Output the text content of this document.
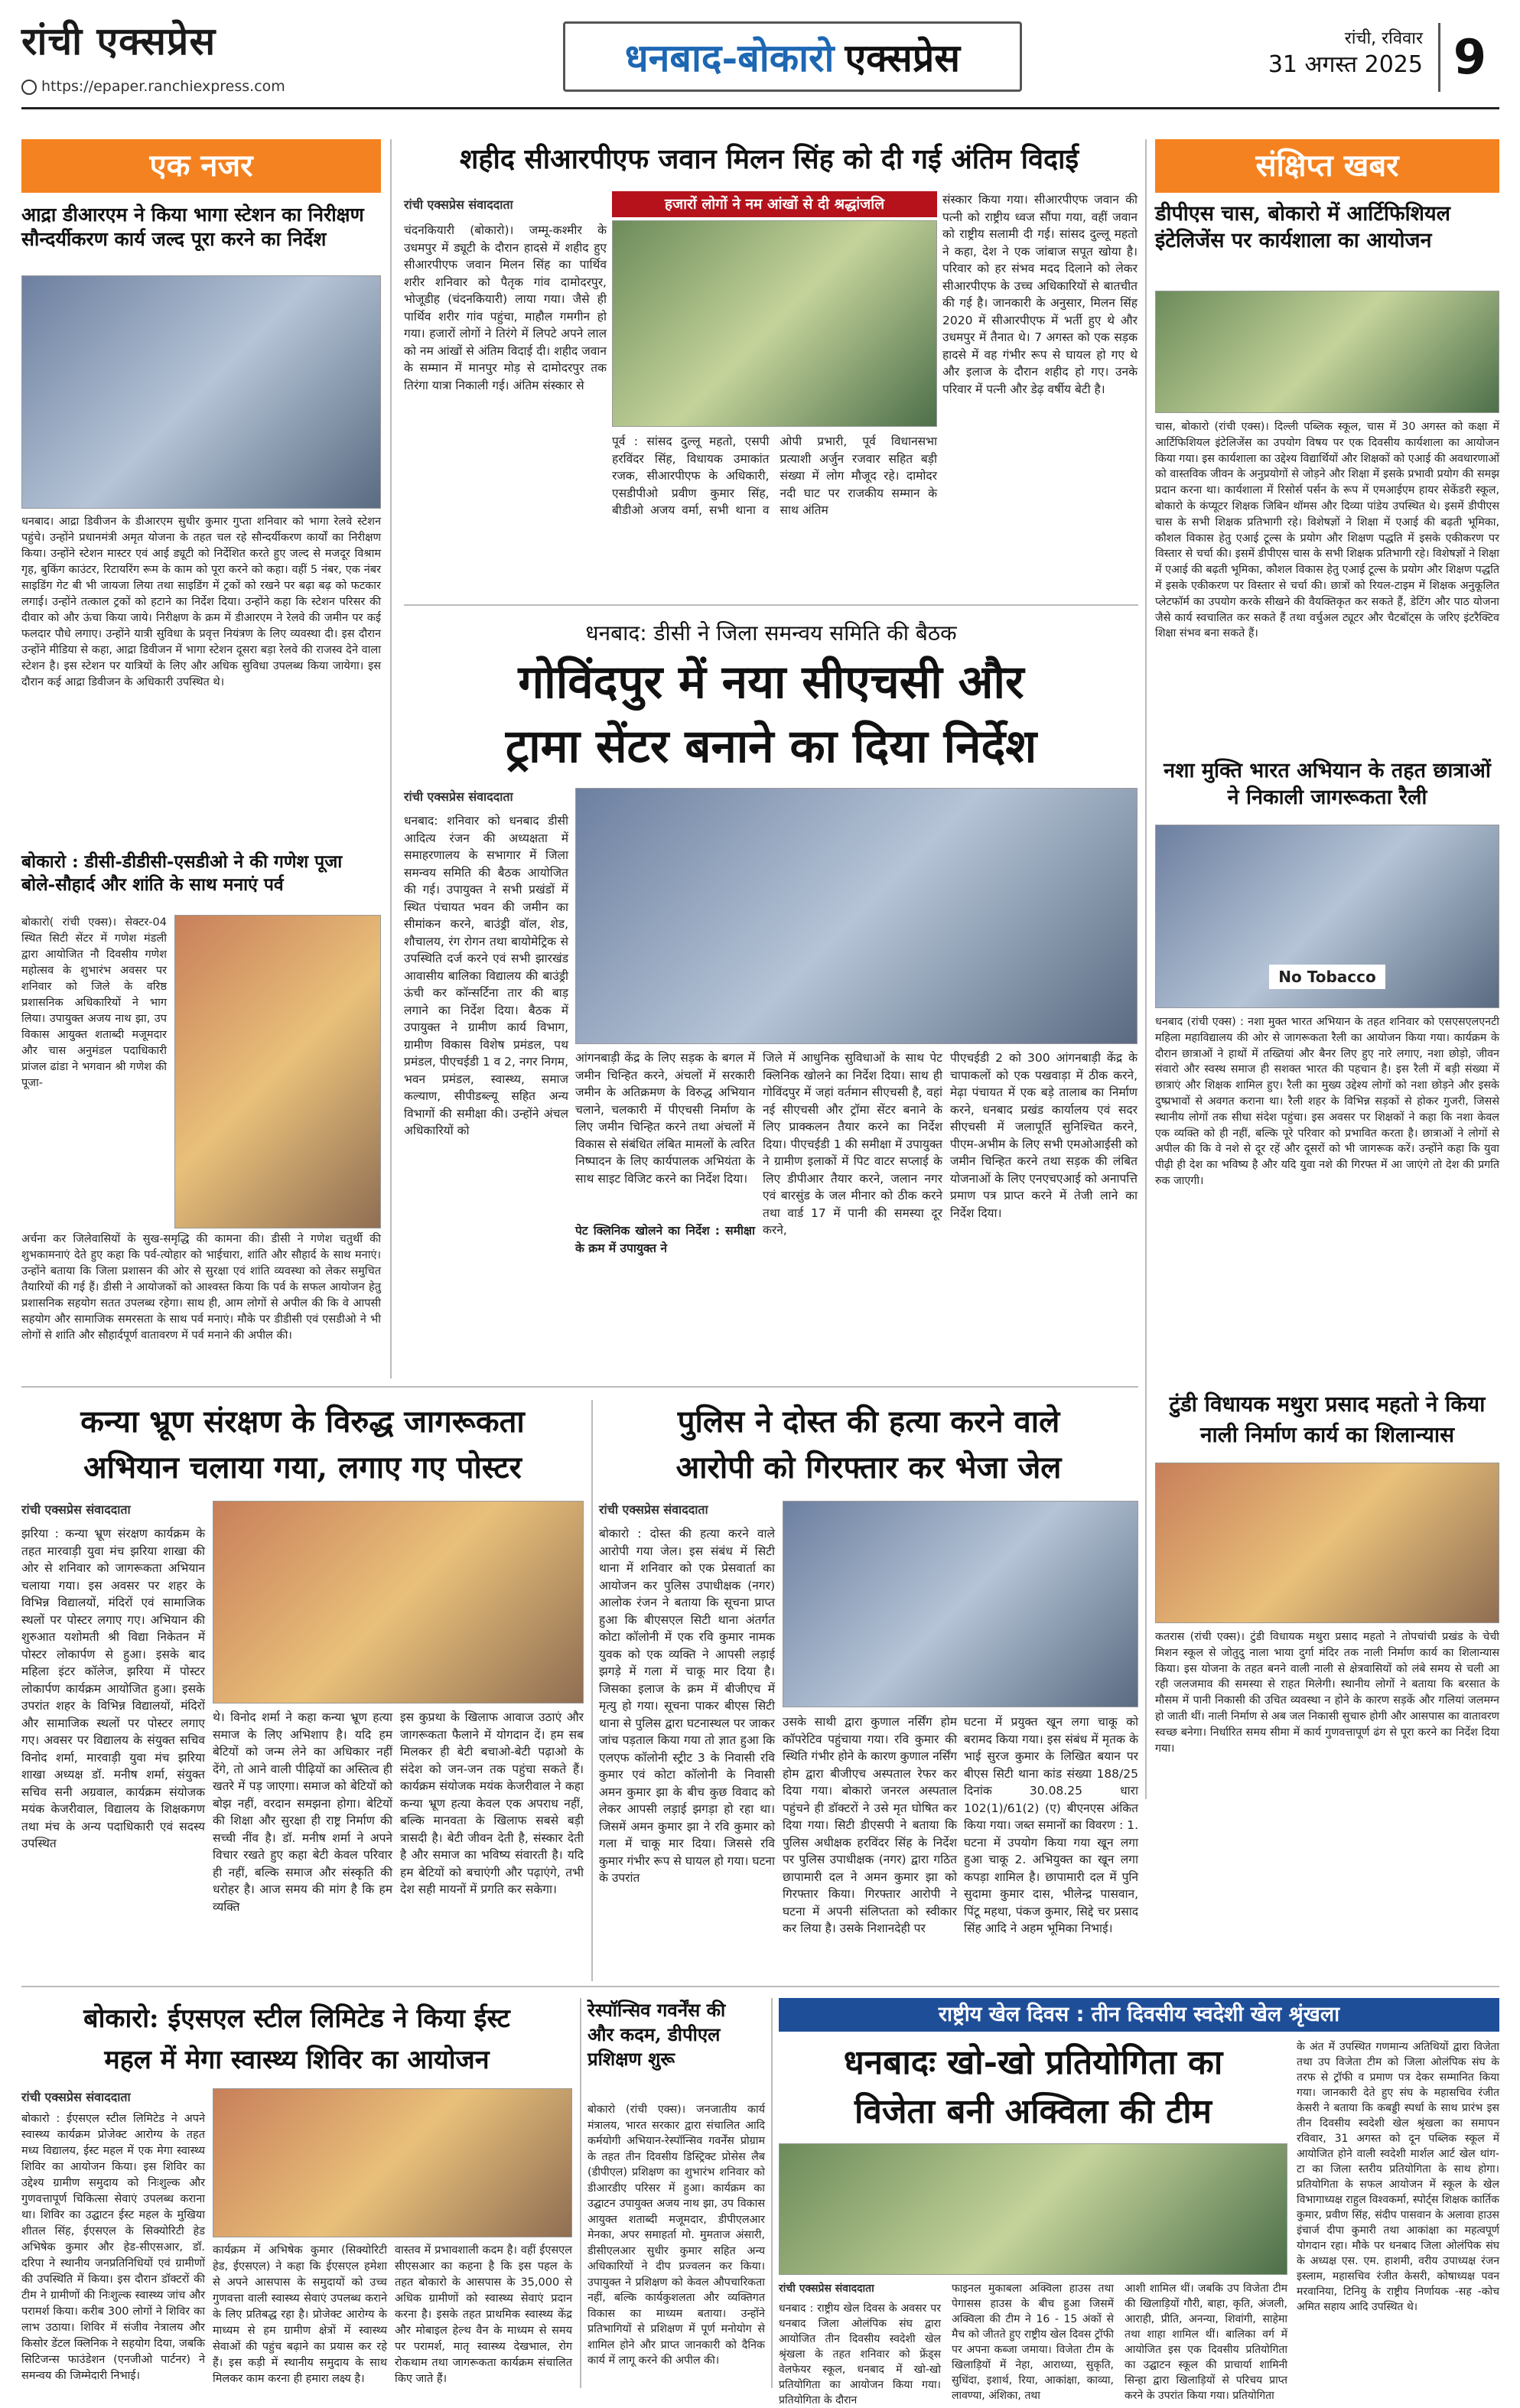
रांची एक्सप्रेस
https://epaper.ranchiexpress.com
धनबाद-बोकारो एक्सप्रेस	रांची, रविवार
31 अगस्त 2025 9
एक नजर
आद्रा डीआरएम ने किया भागा स्टेशन का निरीक्षण सौन्दर्यीकरण कार्य जल्द पूरा करने का निर्देश
धनबाद। आद्रा डिवीजन के डीआरएम सुधीर कुमार गुप्ता शनिवार को भागा रेलवे स्टेशन पहुंचे। उन्होंने प्रधानमंत्री अमृत योजना के तहत चल रहे सौन्दर्यीकरण कार्यों का निरीक्षण किया। उन्होंने स्टेशन मास्टर एवं आई ड्यूटी को निर्देशित करते हुए जल्द से मजदूर विश्राम गृह, बुकिंग काउंटर, रिटायरिंग रूम के काम को पूरा करने को कहा। वहीं 5 नंबर, एक नंबर साइडिंग गेट बी भी जायजा लिया तथा साइडिंग में ट्रकों को रखने पर बढ़ा बढ़ को फटकार लगाई। उन्होंने तत्काल ट्रकों को हटाने का निर्देश दिया। उन्होंने कहा कि स्टेशन परिसर की दीवार को और ऊंचा किया जाये। निरीक्षण के क्रम में डीआरएम ने रेलवे की जमीन पर कई फलदार पौधे लगाए। उन्होंने यात्री सुविधा के प्रवृत्त नियंत्रण के लिए व्यवस्था दी। इस दौरान उन्होंने मीडिया से कहा, आद्रा डिवीजन में भागा स्टेशन दूसरा बड़ा रेलवे की राजस्व देने वाला स्टेशन है। इस स्टेशन पर यात्रियों के लिए और अधिक सुविधा उपलब्ध किया जायेगा। इस दौरान कई आद्रा डिवीजन के अधिकारी उपस्थित थे।
बोकारो : डीसी-डीडीसी-एसडीओ ने की गणेश पूजा बोले-सौहार्द और शांति के साथ मनाएं पर्व
बोकारो( रांची एक्स)। सेक्टर-04 स्थित सिटी सेंटर में गणेश मंडली द्वारा आयोजित नौ दिवसीय गणेश महोत्सव के शुभारंभ अवसर पर शनिवार को जिले के वरिष्ठ प्रशासनिक अधिकारियों ने भाग लिया। उपायुक्त अजय नाथ झा, उप विकास आयुक्त शताब्दी मजूमदार और चास अनुमंडल पदाधिकारी प्रांजल ढांडा ने भगवान श्री गणेश की पूजा-
अर्चना कर जिलेवासियों के सुख-समृद्धि की कामना की। डीसी ने गणेश चतुर्थी की शुभकामनाएं देते हुए कहा कि पर्व-त्योहार को भाईचारा, शांति और सौहार्द के साथ मनाएं। उन्होंने बताया कि जिला प्रशासन की ओर से सुरक्षा एवं शांति व्यवस्था को लेकर समुचित तैयारियों की गई हैं। डीसी ने आयोजकों को आश्वस्त किया कि पर्व के सफल आयोजन हेतु प्रशासनिक सहयोग सतत उपलब्ध रहेगा। साथ ही, आम लोगों से अपील की कि वे आपसी सहयोग और सामाजिक समरसता के साथ पर्व मनाएं। मौके पर डीडीसी एवं एसडीओ ने भी लोगों से शांति और सौहार्दपूर्ण वातावरण में पर्व मनाने की अपील की।
शहीद सीआरपीएफ जवान मिलन सिंह को दी गई अंतिम विदाई
रांची एक्सप्रेस संवाददाता
चंदनकियारी (बोकारो)। जम्मू-कश्मीर के उधमपुर में ड्यूटी के दौरान हादसे में शहीद हुए सीआरपीएफ जवान मिलन सिंह का पार्थिव शरीर शनिवार को पैतृक गांव दामोदरपुर, भोजूडीह (चंदनकियारी) लाया गया। जैसे ही पार्थिव शरीर गांव पहुंचा, माहौल गमगीन हो गया। हजारों लोगों ने तिरंगे में लिपटे अपने लाल को नम आंखों से अंतिम विदाई दी। शहीद जवान के सम्मान में मानपुर मोड़ से दामोदरपुर तक तिरंगा यात्रा निकाली गई। अंतिम संस्कार से
हजारों लोगों ने नम आंखों से दी श्रद्धांजलि
पूर्व : सांसद दुल्लू महतो, एसपी हरविंदर सिंह, विधायक उमाकांत रजक, सीआरपीएफ के अधिकारी, एसडीपीओ प्रवीण कुमार सिंह, बीडीओ अजय वर्मा, सभी थाना व ओपी प्रभारी, पूर्व विधानसभा प्रत्याशी अर्जुन रजवार सहित बड़ी संख्या में लोग मौजूद रहे। दामोदर नदी घाट पर राजकीय सम्मान के साथ अंतिम
संस्कार किया गया। सीआरपीएफ जवान की पत्नी को राष्ट्रीय ध्वज सौंपा गया, वहीं जवान को राष्ट्रीय सलामी दी गई। सांसद दुल्लू महतो ने कहा, देश ने एक जांबाज सपूत खोया है। परिवार को हर संभव मदद दिलाने को लेकर सीआरपीएफ के उच्च अधिकारियों से बातचीत की गई है। जानकारी के अनुसार, मिलन सिंह 2020 में सीआरपीएफ में भर्ती हुए थे और उधमपुर में तैनात थे। 7 अगस्त को एक सड़क हादसे में वह गंभीर रूप से घायल हो गए थे और इलाज के दौरान शहीद हो गए। उनके परिवार में पत्नी और डेढ़ वर्षीय बेटी है।
धनबाद: डीसी ने जिला समन्वय समिति की बैठक
गोविंदपुर में नया सीएचसी और
ट्रामा सेंटर बनाने का दिया निर्देश
रांची एक्सप्रेस संवाददाता
धनबाद: शनिवार को धनबाद डीसी आदित्य रंजन की अध्यक्षता में समाहरणालय के सभागार में जिला समन्वय समिति की बैठक आयोजित की गई। उपायुक्त ने सभी प्रखंडों में स्थित पंचायत भवन की जमीन का सीमांकन करने, बाउंड्री वॉल, शेड, शौचालय, रंग रोगन तथा बायोमेट्रिक से उपस्थिति दर्ज करने एवं सभी झारखंड आवासीय बालिका विद्यालय की बाउंड्री ऊंची कर कॉन्सर्टिना तार की बाड़ लगाने का निर्देश दिया। बैठक में उपायुक्त ने ग्रामीण कार्य विभाग, ग्रामीण विकास विशेष प्रमंडल, पथ प्रमंडल, पीएचईडी 1 व 2, नगर निगम, भवन प्रमंडल, स्वास्थ्य, समाज कल्याण, सीपीडब्ल्यू सहित अन्य विभागों की समीक्षा की। उन्होंने अंचल अधिकारियों को
आंगनबाड़ी केंद्र के लिए सड़क के बगल में जमीन चिन्हित करने, अंचलों में सरकारी जमीन के अतिक्रमण के विरुद्ध अभियान चलाने, चलकारी में पीएचसी निर्माण के लिए जमीन चिन्हित करने तथा अंचलों में विकास से संबंधित लंबित मामलों के त्वरित निष्पादन के लिए कार्यपालक अभियंता के साथ साइट विजिट करने का निर्देश दिया।
पेट क्लिनिक खोलने का निर्देश : समीक्षा के क्रम में उपायुक्त ने
जिले में आधुनिक सुविधाओं के साथ पेट क्लिनिक खोलने का निर्देश दिया। साथ ही गोविंदपुर में जहां वर्तमान सीएचसी है, वहां नई सीएचसी और ट्रॉमा सेंटर बनाने के लिए प्राक्कलन तैयार करने का निर्देश दिया। पीएचईडी 1 की समीक्षा में उपायुक्त ने ग्रामीण इलाकों में पिट वाटर सप्लाई के लिए डीपीआर तैयार करने, जलान नगर एवं बारसुंड के जल मीनार को ठीक करने तथा वार्ड 17 में पानी की समस्या दूर करने,
पीएचईडी 2 को 300 आंगनबाड़ी केंद्र के चापाकलों को एक पखवाड़ा में ठीक करने, मेढ़ा पंचायत में एक बड़े तालाब का निर्माण करने, धनबाद प्रखंड कार्यालय एवं सदर सीएचसी में जलापूर्ति सुनिश्चित करने, पीएम-अभीम के लिए सभी एमओआईसी को जमीन चिन्हित करने तथा सड़क की लंबित योजनाओं के लिए एनएचएआई को अनापत्ति प्रमाण पत्र प्राप्त करने में तेजी लाने का निर्देश दिया।
संक्षिप्त खबर
डीपीएस चास, बोकारो में आर्टिफिशियल इंटेलिजेंस पर कार्यशाला का आयोजन
चास, बोकारो (रांची एक्स)। दिल्ली पब्लिक स्कूल, चास में 30 अगस्त को कक्षा में आर्टिफिशियल इंटेलिजेंस का उपयोग विषय पर एक दिवसीय कार्यशाला का आयोजन किया गया। इस कार्यशाला का उद्देश्य विद्यार्थियों और शिक्षकों को एआई की अवधारणाओं को वास्तविक जीवन के अनुप्रयोगों से जोड़ने और शिक्षा में इसके प्रभावी प्रयोग की समझ प्रदान करना था। कार्यशाला में रिसोर्स पर्सन के रूप में एमआईएम हायर सेकेंडरी स्कूल, बोकारो के कंप्यूटर शिक्षक जिबिन थॉमस और दिव्या पांडेय उपस्थित थे। इसमें डीपीएस चास के सभी शिक्षक प्रतिभागी रहे। विशेषज्ञों ने शिक्षा में एआई की बढ़ती भूमिका, कौशल विकास हेतु एआई टूल्स के प्रयोग और शिक्षण पद्धति में इसके एकीकरण पर विस्तार से चर्चा की। इसमें डीपीएस चास के सभी शिक्षक प्रतिभागी रहे। विशेषज्ञों ने शिक्षा में एआई की बढ़ती भूमिका, कौशल विकास हेतु एआई टूल्स के प्रयोग और शिक्षण पद्धति में इसके एकीकरण पर विस्तार से चर्चा की। छात्रों को रियल-टाइम में शिक्षक अनुकूलित प्लेटफॉर्म का उपयोग करके सीखने की वैयक्तिकृत कर सकते हैं, डेटिंग और पाठ योजना जैसे कार्य स्वचालित कर सकते हैं तथा वर्चुअल ट्यूटर और चैटबॉट्स के जरिए इंटरैक्टिव शिक्षा संभव बना सकते हैं।
नशा मुक्ति भारत अभियान के तहत छात्राओं ने निकाली जागरूकता रैली
No Tobacco
धनबाद (रांची एक्स) : नशा मुक्त भारत अभियान के तहत शनिवार को एसएसएलएनटी महिला महाविद्यालय की ओर से जागरूकता रैली का आयोजन किया गया। कार्यक्रम के दौरान छात्राओं ने हाथों में तख्तियां और बैनर लिए हुए नारे लगाए, नशा छोड़ो, जीवन संवारो और स्वस्थ समाज ही सशक्त भारत की पहचान है। इस रैली में बड़ी संख्या में छात्राएं और शिक्षक शामिल हुए। रैली का मुख्य उद्देश्य लोगों को नशा छोड़ने और इसके दुष्प्रभावों से अवगत कराना था। रैली शहर के विभिन्न सड़कों से होकर गुजरी, जिससे स्थानीय लोगों तक सीधा संदेश पहुंचा। इस अवसर पर शिक्षकों ने कहा कि नशा केवल एक व्यक्ति को ही नहीं, बल्कि पूरे परिवार को प्रभावित करता है। छात्राओं ने लोगों से अपील की कि वे नशे से दूर रहें और दूसरों को भी जागरूक करें। उन्होंने कहा कि युवा पीढ़ी ही देश का भविष्य है और यदि युवा नशे की गिरफ्त में आ जाएंगे तो देश की प्रगति रुक जाएगी।
टुंडी विधायक मथुरा प्रसाद महतो ने किया नाली निर्माण कार्य का शिलान्यास
कतरास (रांची एक्स)। टुंडी विधायक मथुरा प्रसाद महतो ने तोपचांची प्रखंड के चेची मिशन स्कूल से जोतुदु नाला भाया दुर्गा मंदिर तक नाली निर्माण कार्य का शिलान्यास किया। इस योजना के तहत बनने वाली नाली से क्षेत्रवासियों को लंबे समय से चली आ रही जलजमाव की समस्या से राहत मिलेगी। स्थानीय लोगों ने बताया कि बरसात के मौसम में पानी निकासी की उचित व्यवस्था न होने के कारण सड़कें और गलियां जलमग्न हो जाती थीं। नाली निर्माण से अब जल निकासी सुचारु होगी और आसपास का वातावरण स्वच्छ बनेगा। निर्धारित समय सीमा में कार्य गुणवत्तापूर्ण ढंग से पूरा करने का निर्देश दिया गया।
कन्या भ्रूण संरक्षण के विरुद्ध जागरूकता
अभियान चलाया गया, लगाए गए पोस्टर
रांची एक्सप्रेस संवाददाता
झरिया : कन्या भ्रूण संरक्षण कार्यक्रम के तहत मारवाड़ी युवा मंच झरिया शाखा की ओर से शनिवार को जागरूकता अभियान चलाया गया। इस अवसर पर शहर के विभिन्न विद्यालयों, मंदिरों एवं सामाजिक स्थलों पर पोस्टर लगाए गए। अभियान की शुरुआत यशोमती श्री विद्या निकेतन में पोस्टर लोकार्पण से हुआ। इसके बाद महिला इंटर कॉलेज, झरिया में पोस्टर लोकार्पण कार्यक्रम आयोजित हुआ। इसके उपरांत शहर के विभिन्न विद्यालयों, मंदिरों और सामाजिक स्थलों पर पोस्टर लगाए गए। अवसर पर विद्यालय के संयुक्त सचिव विनोद शर्मा, मारवाड़ी युवा मंच झरिया शाखा अध्यक्ष डॉ. मनीष शर्मा, संयुक्त सचिव सनी अग्रवाल, कार्यक्रम संयोजक मयंक केजरीवाल, विद्यालय के शिक्षकगण तथा मंच के अन्य पदाधिकारी एवं सदस्य उपस्थित
थे। विनोद शर्मा ने कहा कन्या भ्रूण हत्या समाज के लिए अभिशाप है। यदि हम बेटियों को जन्म लेने का अधिकार नहीं देंगे, तो आने वाली पीढ़ियों का अस्तित्व ही खतरे में पड़ जाएगा। समाज को बेटियों को बोझ नहीं, वरदान समझना होगा। बेटियों की शिक्षा और सुरक्षा ही राष्ट्र निर्माण की सच्ची नींव है। डॉ. मनीष शर्मा ने अपने विचार रखते हुए कहा बेटी केवल परिवार ही नहीं, बल्कि समाज और संस्कृति की धरोहर है। आज समय की मांग है कि हम व्यक्ति
इस कुप्रथा के खिलाफ आवाज उठाएं और जागरूकता फैलाने में योगदान दें। हम सब मिलकर ही बेटी बचाओ-बेटी पढ़ाओ के संदेश को जन-जन तक पहुंचा सकते हैं। कार्यक्रम संयोजक मयंक केजरीवाल ने कहा कन्या भ्रूण हत्या केवल एक अपराध नहीं, बल्कि मानवता के खिलाफ सबसे बड़ी त्रासदी है। बेटी जीवन देती है, संस्कार देती है और समाज का भविष्य संवारती है। यदि हम बेटियों को बचाएंगी और पढ़ाएंगे, तभी देश सही मायनों में प्रगति कर सकेगा।
पुलिस ने दोस्त की हत्या करने वाले
आरोपी को गिरफ्तार कर भेजा जेल
रांची एक्सप्रेस संवाददाता
बोकारो : दोस्त की हत्या करने वाले आरोपी गया जेल। इस संबंध में सिटी थाना में शनिवार को एक प्रेसवार्ता का आयोजन कर पुलिस उपाधीक्षक (नगर) आलोक रंजन ने बताया कि सूचना प्राप्त हुआ कि बीएसएल सिटी थाना अंतर्गत कोटा कॉलोनी में एक रवि कुमार नामक युवक को एक व्यक्ति ने आपसी लड़ाई झगड़े में गला में चाकू मार दिया है। जिसका इलाज के क्रम में बीजीएच में मृत्यु हो गया। सूचना पाकर बीएस सिटी थाना से पुलिस द्वारा घटनास्थल पर जाकर जांच पड़ताल किया गया तो ज्ञात हुआ कि एलएफ कॉलोनी स्ट्रीट 3 के निवासी रवि कुमार एवं कोटा कॉलोनी के निवासी अमन कुमार झा के बीच कुछ विवाद को लेकर आपसी लड़ाई झगड़ा हो रहा था। जिसमें अमन कुमार झा ने रवि कुमार को गला में चाकू मार दिया। जिससे रवि कुमार गंभीर रूप से घायल हो गया। घटना के उपरांत
उसके साथी द्वारा कुणाल नर्सिंग होम कॉपरेटिव पहुंचाया गया। रवि कुमार की स्थिति गंभीर होने के कारण कुणाल नर्सिंग होम द्वारा बीजीएच अस्पताल रेफर कर दिया गया। बोकारो जनरल अस्पताल पहुंचने ही डॉक्टरों ने उसे मृत घोषित कर दिया गया। सिटी डीएसपी ने बताया कि पुलिस अधीक्षक हरविंदर सिंह के निर्देश पर पुलिस उपाधीक्षक (नगर) द्वारा गठित छापामारी दल ने अमन कुमार झा को गिरफ्तार किया। गिरफ्तार आरोपी ने घटना में अपनी संलिप्तता को स्वीकार कर लिया है। उसके निशानदेही पर
घटना में प्रयुक्त खून लगा चाकू को बरामद किया गया। इस संबंध में मृतक के भाई सुरज कुमार के लिखित बयान पर बीएस सिटी थाना कांड संख्या 188/25 दिनांक 30.08.25 धारा 102(1)/61(2) (ए) बीएनएस अंकित किया गया। जब्त समानों का विवरण : 1. घटना में उपयोग किया गया खून लगा हुआ चाकू 2. अभियुक्त का खून लगा कपड़ा शामिल है। छापामारी दल में पुनि सुदामा कुमार दास, भीलेन्द्र पासवान, पिंटू महथा, पंकज कुमार, सिद्दे चर प्रसाद सिंह आदि ने अहम भूमिका निभाई।
बोकारो: ईएसएल स्टील लिमिटेड ने किया ईस्ट
महल में मेगा स्वास्थ्य शिविर का आयोजन
रांची एक्सप्रेस संवाददाता
बोकारो : ईएसएल स्टील लिमिटेड ने अपने स्वास्थ्य कार्यक्रम प्रोजेक्ट आरोग्य के तहत मध्य विद्यालय, ईस्ट महल में एक मेगा स्वास्थ्य शिविर का आयोजन किया। इस शिविर का उद्देश्य ग्रामीण समुदाय को निःशुल्क और गुणवत्तापूर्ण चिकित्सा सेवाएं उपलब्ध कराना था। शिविर का उद्घाटन ईस्ट महल के मुखिया शीतल सिंह, ईएसएल के सिक्योरिटी हेड अभिषेक कुमार और हेड-सीएसआर, डॉ. दरिपा ने स्थानीय जनप्रतिनिधियों एवं ग्रामीणों की उपस्थिति में किया। इस दौरान डॉक्टरों की टीम ने ग्रामीणों की निःशुल्क स्वास्थ्य जांच और परामर्श किया। करीब 300 लोगों ने शिविर का लाभ उठाया। शिविर में संजीव नेत्रालय और किसोर डेंटल क्लिनिक ने सहयोग दिया, जबकि सिटिजन्स फाउंडेशन (एनजीओ पार्टनर) ने समन्वय की जिम्मेदारी निभाई।
कार्यक्रम में अभिषेक कुमार (सिक्योरिटी हेड, ईएसएल) ने कहा कि ईएसएल हमेशा से अपने आसपास के समुदायों को उच्च गुणवत्ता वाली स्वास्थ्य सेवाएं उपलब्ध कराने के लिए प्रतिबद्ध रहा है। प्रोजेक्ट आरोग्य के माध्यम से हम ग्रामीण क्षेत्रों में स्वास्थ्य सेवाओं की पहुंच बढ़ाने का प्रयास कर रहे हैं। इस कड़ी में स्थानीय समुदाय के साथ मिलकर काम करना ही हमारा लक्ष्य है।
वास्तव में प्रभावशाली कदम है। वहीं ईएसएल सीएसआर का कहना है कि इस पहल के तहत बोकारो के आसपास के 35,000 से अधिक ग्रामीणों को स्वास्थ्य सेवाएं प्रदान करना है। इसके तहत प्राथमिक स्वास्थ्य केंद्र और मोबाइल हेल्थ वैन के माध्यम से समय पर परामर्श, मातृ स्वास्थ्य देखभाल, रोग रोकथाम तथा जागरूकता कार्यक्रम संचालित किए जाते हैं।
रेस्पॉन्सिव गवर्नेंस की
और कदम, डीपीएल
प्रशिक्षण शुरू
बोकारो (रांची एक्स)। जनजातीय कार्य मंत्रालय, भारत सरकार द्वारा संचालित आदि कर्मयोगी अभियान-रेस्पॉन्सिव गवर्नेंस प्रोग्राम के तहत तीन दिवसीय डिस्ट्रिक्ट प्रोसेस लैब (डीपीएल) प्रशिक्षण का शुभारंभ शनिवार को डीआरडीए परिसर में हुआ। कार्यक्रम का उद्घाटन उपायुक्त अजय नाथ झा, उप विकास आयुक्त शताब्दी मजूमदार, डीपीएलआर मेनका, अपर समाहर्ता मो. मुमताज अंसारी, डीसीएलआर सुधीर कुमार सहित अन्य अधिकारियों ने दीप प्रज्वलन कर किया। उपायुक्त ने प्रशिक्षण को केवल औपचारिकता नहीं, बल्कि कार्यकुशलता और व्यक्तिगत विकास का माध्यम बताया। उन्होंने प्रतिभागियों से प्रशिक्षण में पूर्ण मनोयोग से शामिल होने और प्राप्त जानकारी को दैनिक कार्य में लागू करने की अपील की।
राष्ट्रीय खेल दिवस : तीन दिवसीय स्वदेशी खेल श्रृंखला
धनबादः खो-खो प्रतियोगिता का
विजेता बनी अक्विला की टीम
रांची एक्सप्रेस संवाददाता
धनबाद : राष्ट्रीय खेल दिवस के अवसर पर धनबाद जिला ओलंपिक संघ द्वारा आयोजित तीन दिवसीय स्वदेशी खेल श्रृंखला के तहत शनिवार को फ्रेंड्स वेलफेयर स्कूल, धनबाद में खो-खो प्रतियोगिता का आयोजन किया गया। प्रतियोगिता के दौरान
फाइनल मुकाबला अक्विला हाउस तथा पेगासस हाउस के बीच हुआ जिसमें अक्विला की टीम ने 16 - 15 अंकों से मैच को जीतते हुए राष्ट्रीय खेल दिवस ट्रॉफी पर अपना कब्जा जमाया। विजेता टीम के खिलाड़ियों में नेहा, आराध्या, सुकृति, सुधिंदा, इशार्थ, रिया, आकांक्षा, काव्या, लावण्या, अंशिका, तथा
आशी शामिल थीं। जबकि उप विजेता टीम की खिलाड़ियों गौरी, बाहा, कृति, अंजली, आराही, प्रीति, अनन्या, शिवांगी, साहेमा तथा शाहा शामिल थीं। बालिका वर्ग में आयोजित इस एक दिवसीय प्रतियोगिता का उद्घाटन स्कूल की प्राचार्या शामिनी सिन्हा द्वारा खिलाड़ियों से परिचय प्राप्त करने के उपरांत किया गया। प्रतियोगिता
के अंत में उपस्थित गणमान्य अतिथियों द्वारा विजेता तथा उप विजेता टीम को जिला ओलंपिक संघ के तरफ से ट्रॉफी व प्रमाण पत्र देकर सम्मानित किया गया। जानकारी देते हुए संघ के महासचिव रंजीत केसरी ने बताया कि कबड्डी स्पर्धा के साथ प्रारंभ इस तीन दिवसीय स्वदेशी खेल श्रृंखला का समापन रविवार, 31 अगस्त को दून पब्लिक स्कूल में आयोजित होने वाली स्वदेशी मार्शल आर्ट खेल थांग-टा का जिला स्तरीय प्रतियोगिता के साथ होगा। प्रतियोगिता के सफल आयोजन में स्कूल के खेल विभागाध्यक्ष राहुल विश्वकर्मा, स्पोर्ट्स शिक्षक कार्तिक कुमार, प्रवीण सिंह, संदीप पासवान के अलावा हाउस इंचार्ज दीपा कुमारी तथा आकांक्षा का महत्वपूर्ण योगदान रहा। मौके पर धनबाद जिला ओलंपिक संघ के अध्यक्ष एस. एम. हाशमी, वरीय उपाध्यक्ष रंजन इस्लाम, महासचिव रंजीत केसरी, कोषाध्यक्ष पवन मरवानिया, टिनियु के राष्ट्रीय निर्णायक -सह -कोच अमित सहाय आदि उपस्थित थे।
